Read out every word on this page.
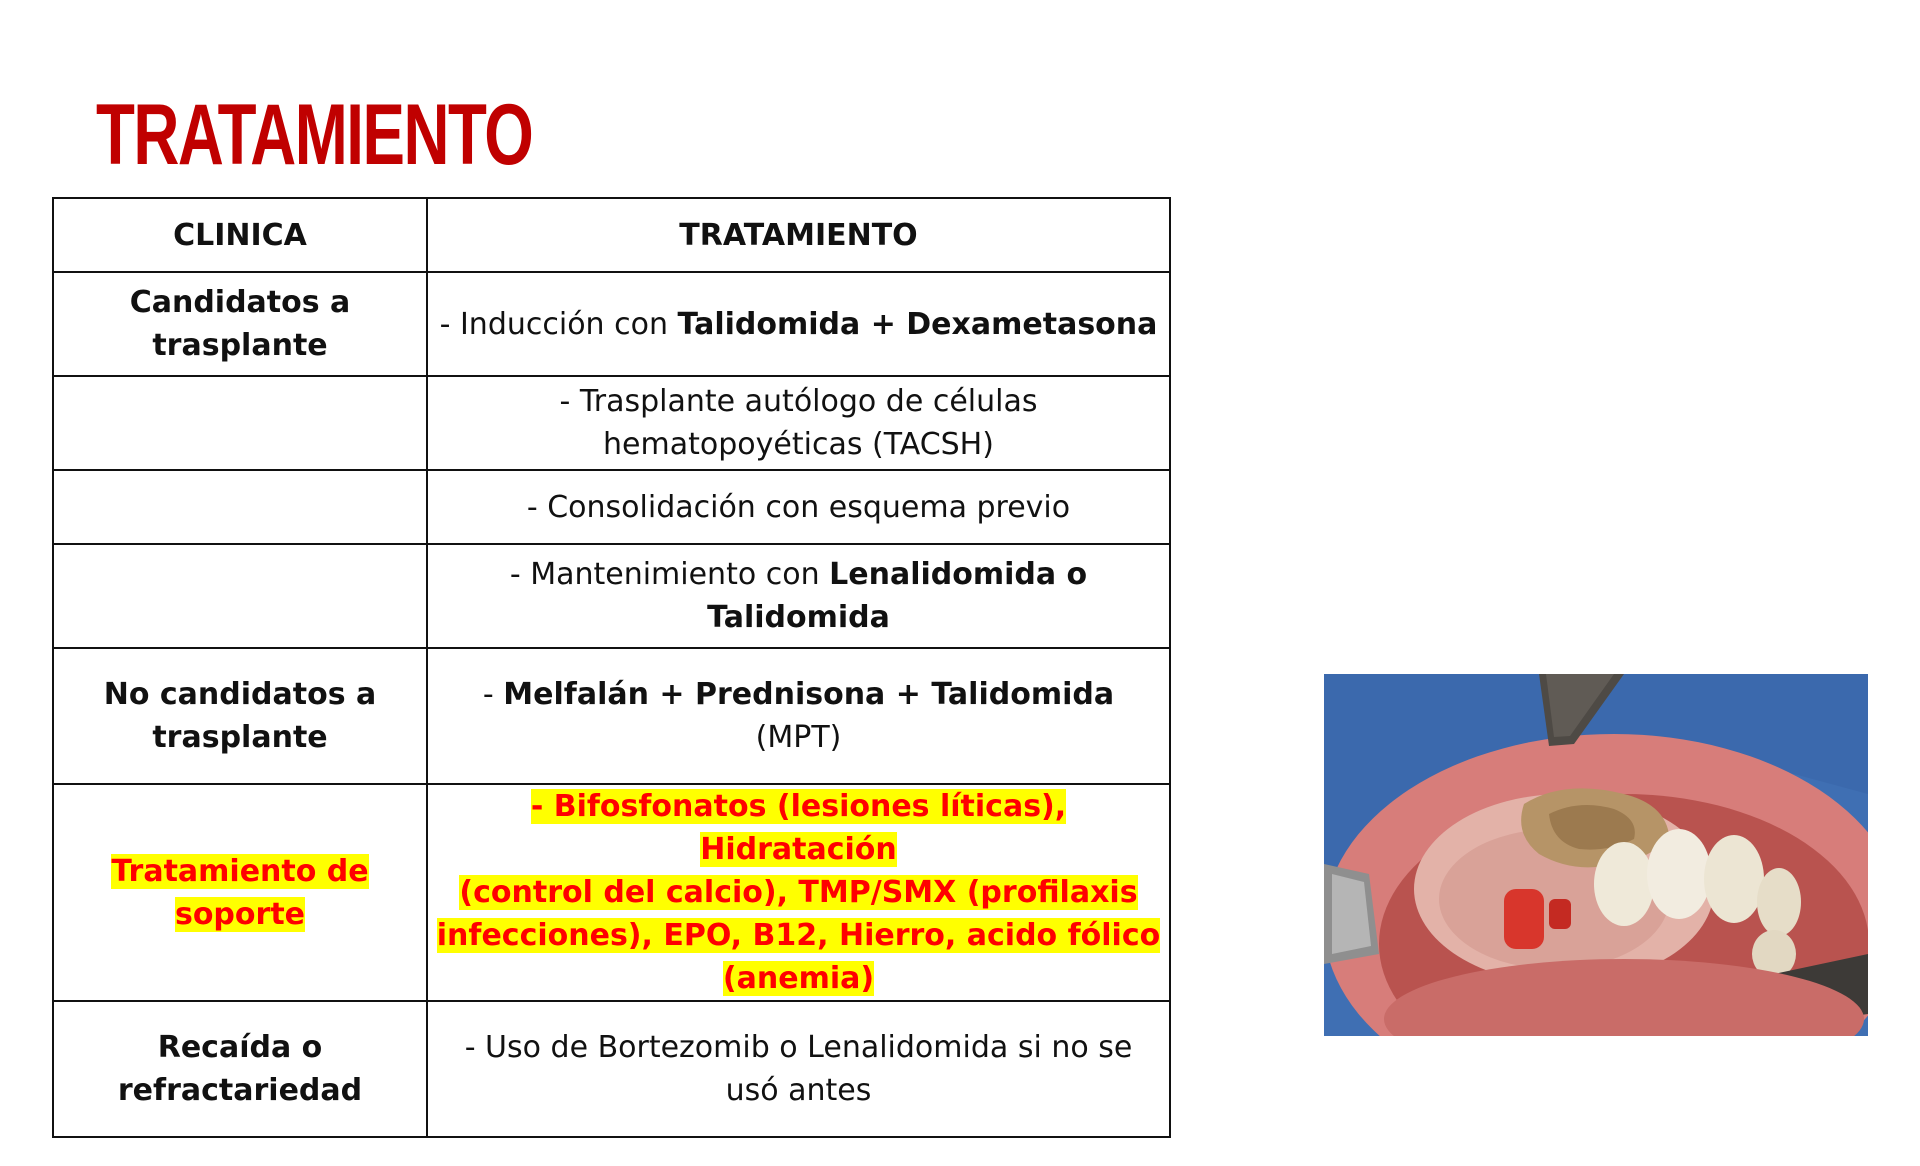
TRATAMIENTO
CLINICA	TRATAMIENTO
Candidatos a
trasplante	- Inducción con Talidomida + Dexametasona
	- Trasplante autólogo de células
hematopoyéticas (TACSH)
	- Consolidación con esquema previo
	- Mantenimiento con Lenalidomida o
Talidomida
No candidatos a
trasplante	- Melfalán + Prednisona + Talidomida (MPT)
Tratamiento de
soporte	- Bifosfonatos (lesiones líticas), Hidratación
(control del calcio), TMP/SMX (profilaxis
infecciones), EPO, B12, Hierro, acido fólico
(anemia)
Recaída o
refractariedad	- Uso de Bortezomib o Lenalidomida si no se
usó antes
